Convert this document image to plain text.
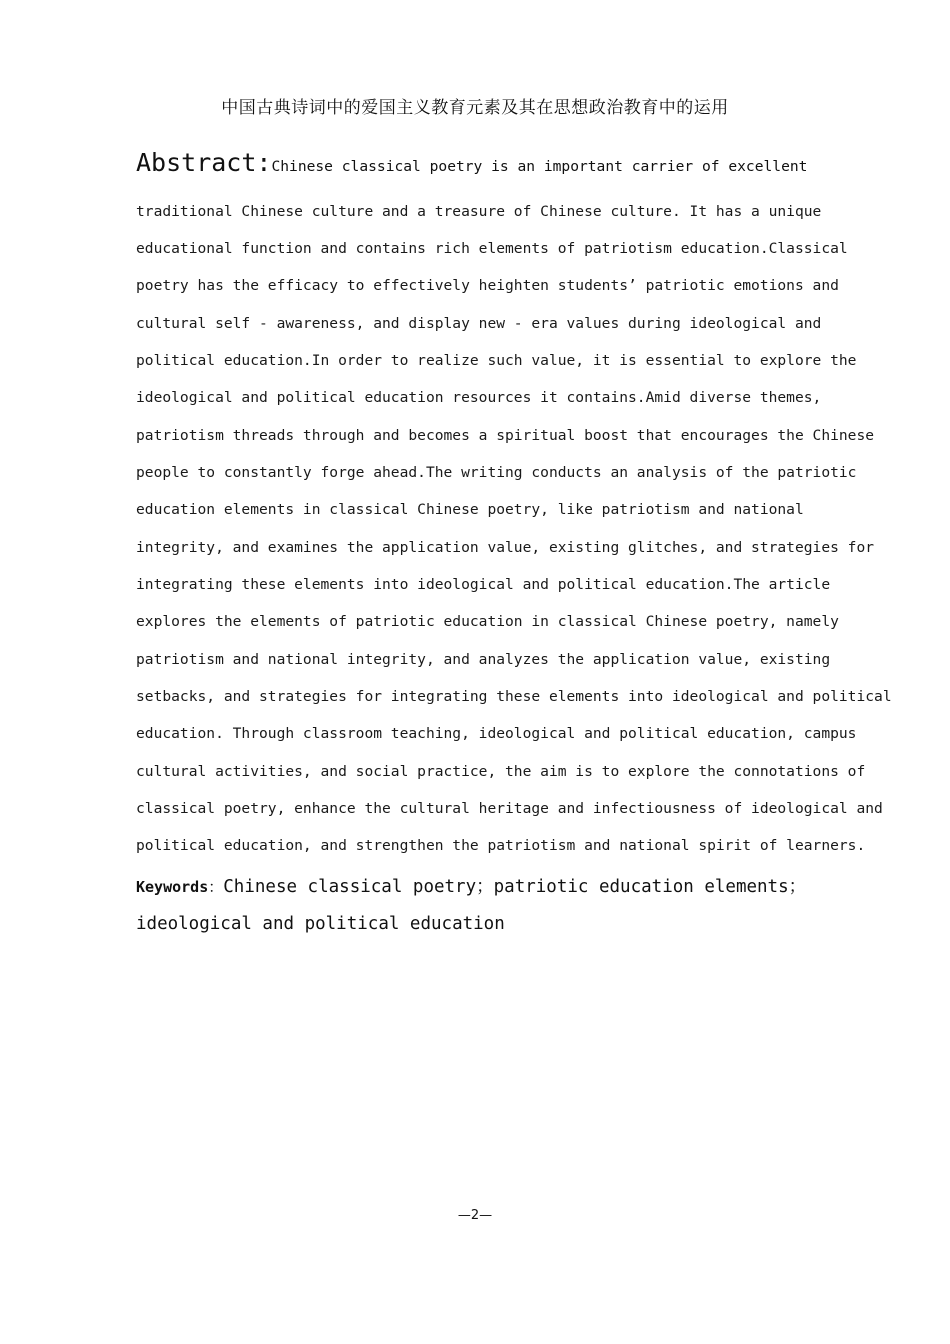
中国古典诗词中的爱国主义教育元素及其在思想政治教育中的运用
Abstract:Chinese classical poetry is an important carrier of excellent
traditional Chinese culture and a treasure of Chinese culture. It has a unique
educational function and contains rich elements of patriotism education.Classical
poetry has the efficacy to effectively heighten students’ patriotic emotions and
cultural self - awareness, and display new - era values during ideological and
political education.In order to realize such value, it is essential to explore the
ideological and political education resources it contains.Amid diverse themes,
patriotism threads through and becomes a spiritual boost that encourages the Chinese
people to constantly forge ahead.The writing conducts an analysis of the patriotic
education elements in classical Chinese poetry, like patriotism and national
integrity, and examines the application value, existing glitches, and strategies for
integrating these elements into ideological and political education.The article
explores the elements of patriotic education in classical Chinese poetry, namely
patriotism and national integrity, and analyzes the application value, existing
setbacks, and strategies for integrating these elements into ideological and political
education. Through classroom teaching, ideological and political education, campus
cultural activities, and social practice, the aim is to explore the connotations of
classical poetry, enhance the cultural heritage and infectiousness of ideological and
political education, and strengthen the patriotism and national spirit of learners.
Keywords：Chinese classical poetry；patriotic education elements；
ideological and political education
—2—
